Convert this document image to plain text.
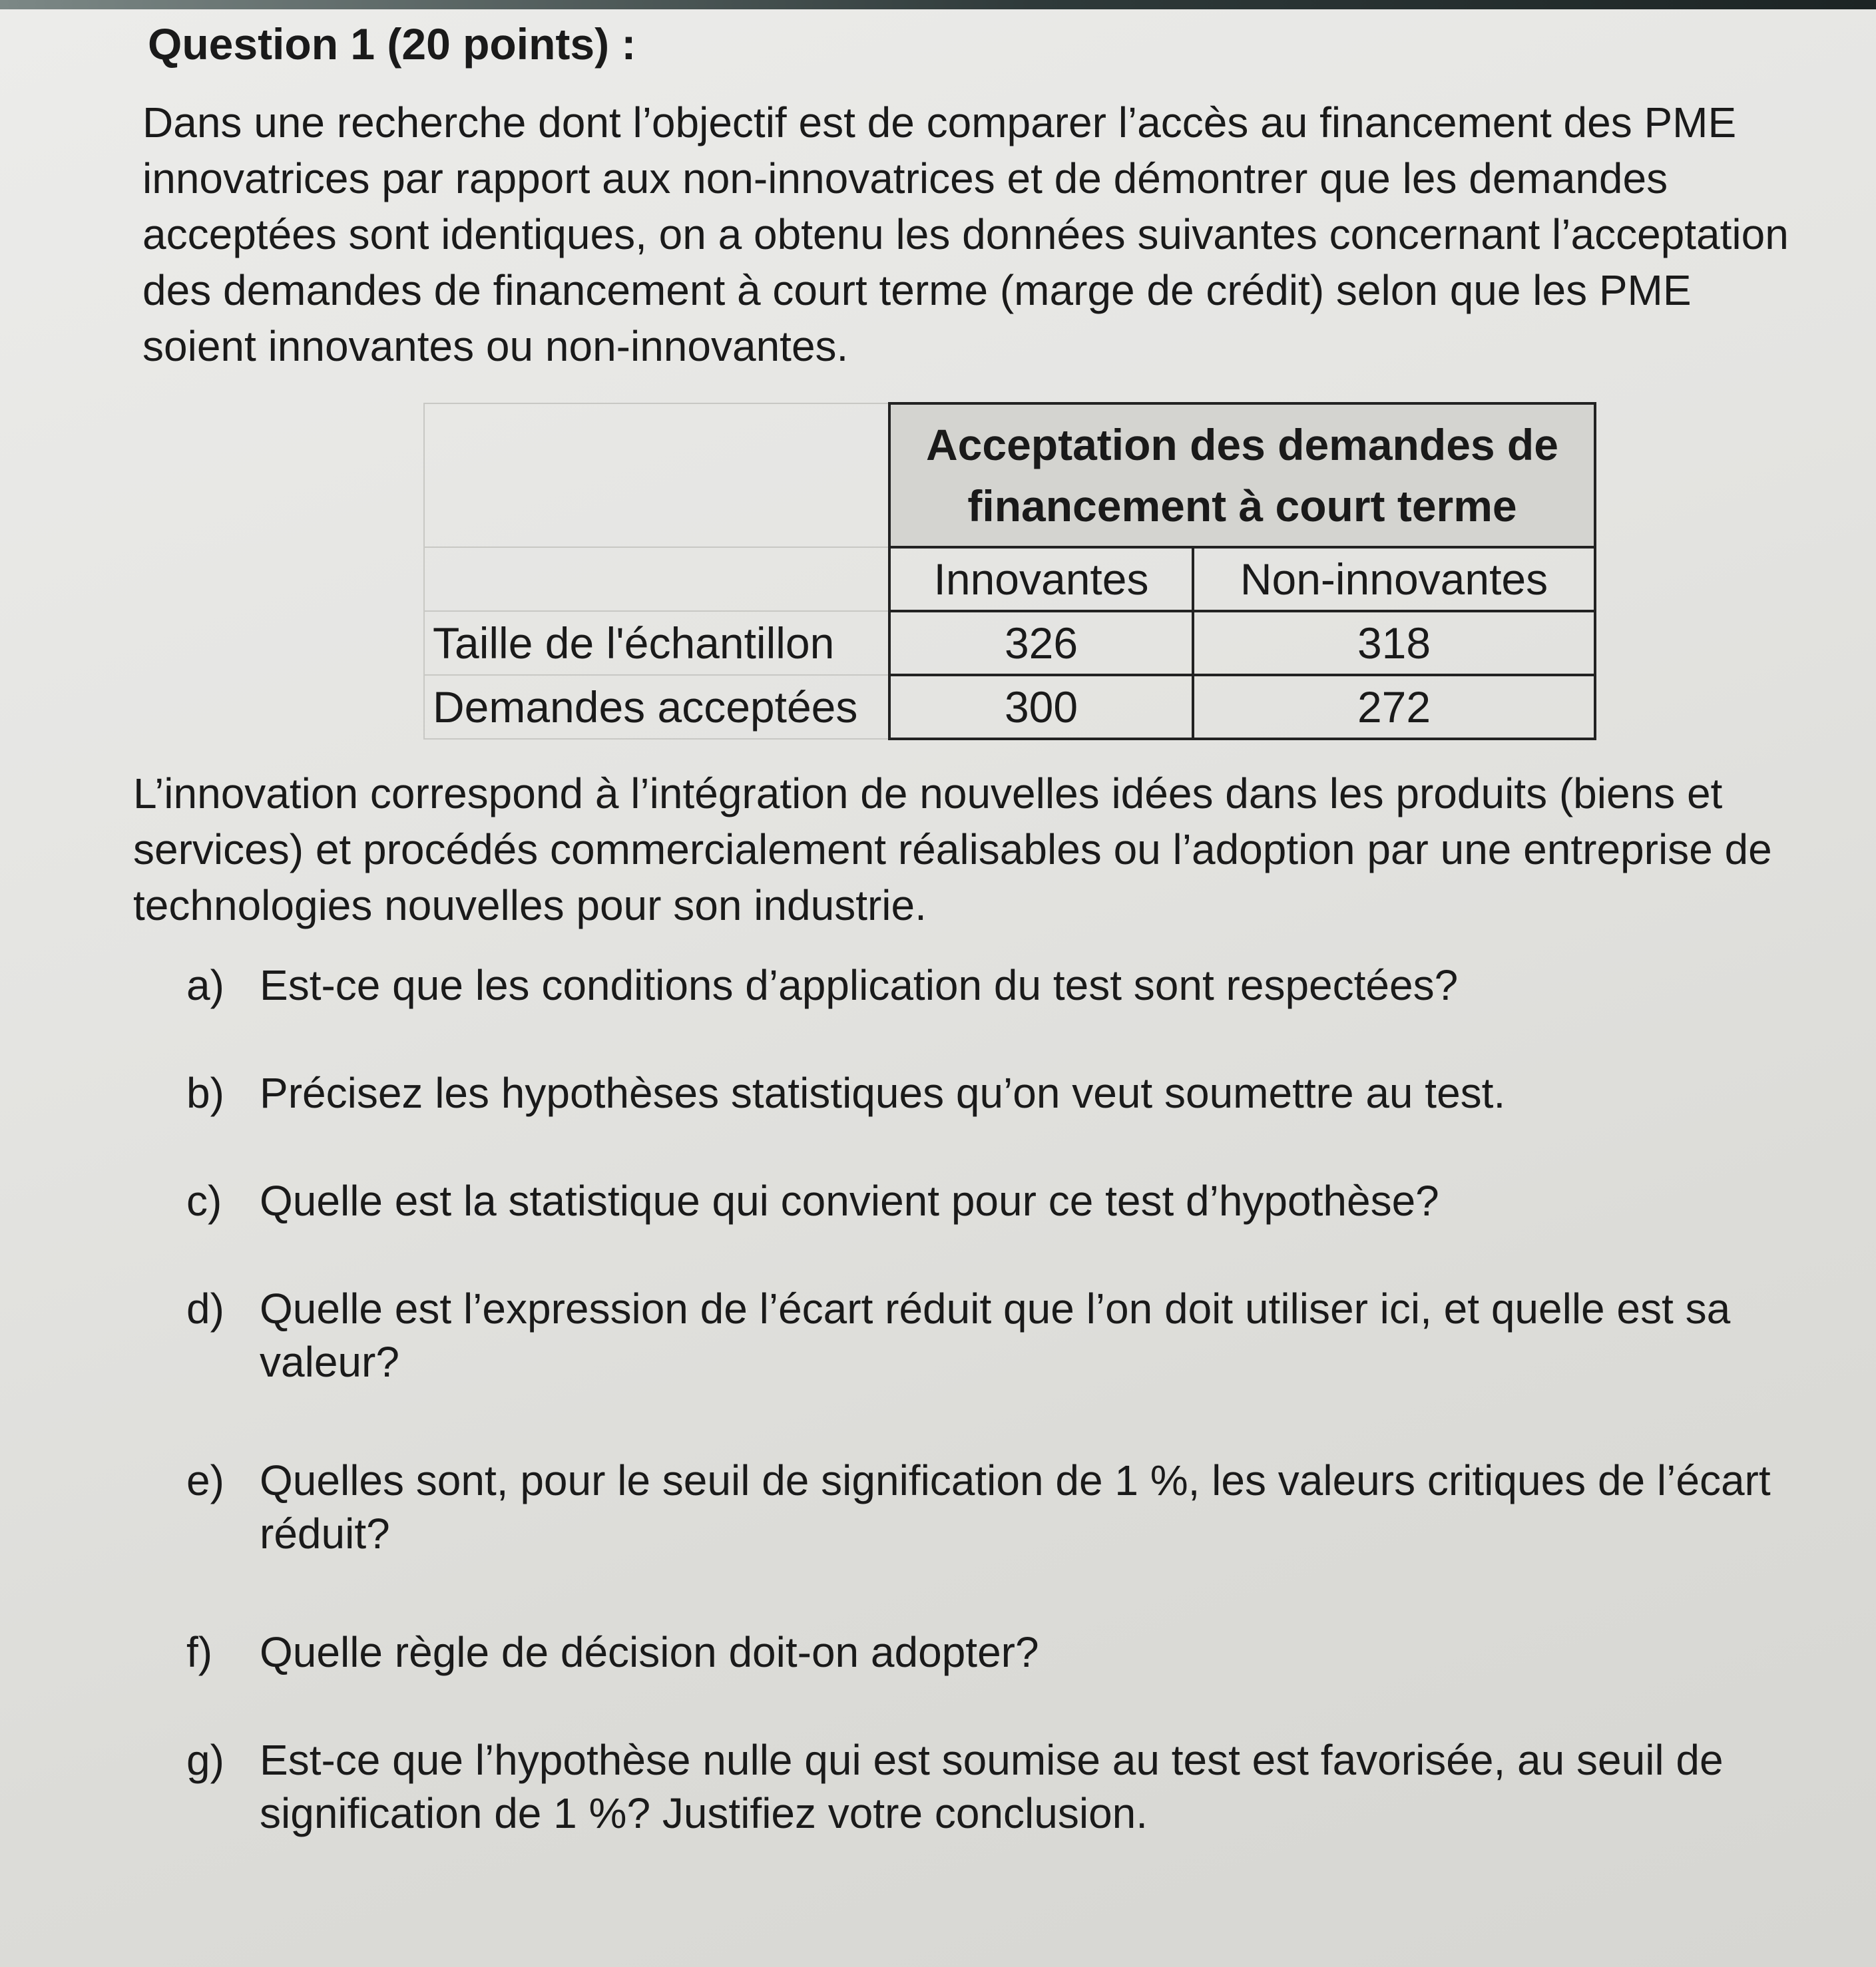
Question 1 (20 points) :
Dans une recherche dont l’objectif est de comparer l’accès au financement des PME
innovatrices par rapport aux non-innovatrices et de démontrer que les demandes
acceptées sont identiques, on a obtenu les données suivantes concernant l’acceptation
des demandes de financement à court terme (marge de crédit) selon que les PME
soient innovantes ou non-innovantes.

	Acceptation des demandes de
financement à court terme	

	Innovantes	Non-innovantes
Taille de l'échantillon	326	318
Demandes acceptées	300	272
L’innovation correspond à l’intégration de nouvelles idées dans les produits (biens et
services) et procédés commercialement réalisables ou l’adoption par une entreprise de
technologies nouvelles pour son industrie.
a) Est-ce que les conditions d’application du test sont respectées?
b) Précisez les hypothèses statistiques qu’on veut soumettre au test.
c) Quelle est la statistique qui convient pour ce test d’hypothèse?
d) Quelle est l’expression de l’écart réduit que l’on doit utiliser ici, et quelle est sa
valeur?
e) Quelles sont, pour le seuil de signification de 1 %, les valeurs critiques de l’écart
réduit?
f)	Quelle règle de décision doit-on adopter?
g) Est-ce que l’hypothèse nulle qui est soumise au test est favorisée, au seuil de
signification de 1 %? Justifiez votre conclusion.
